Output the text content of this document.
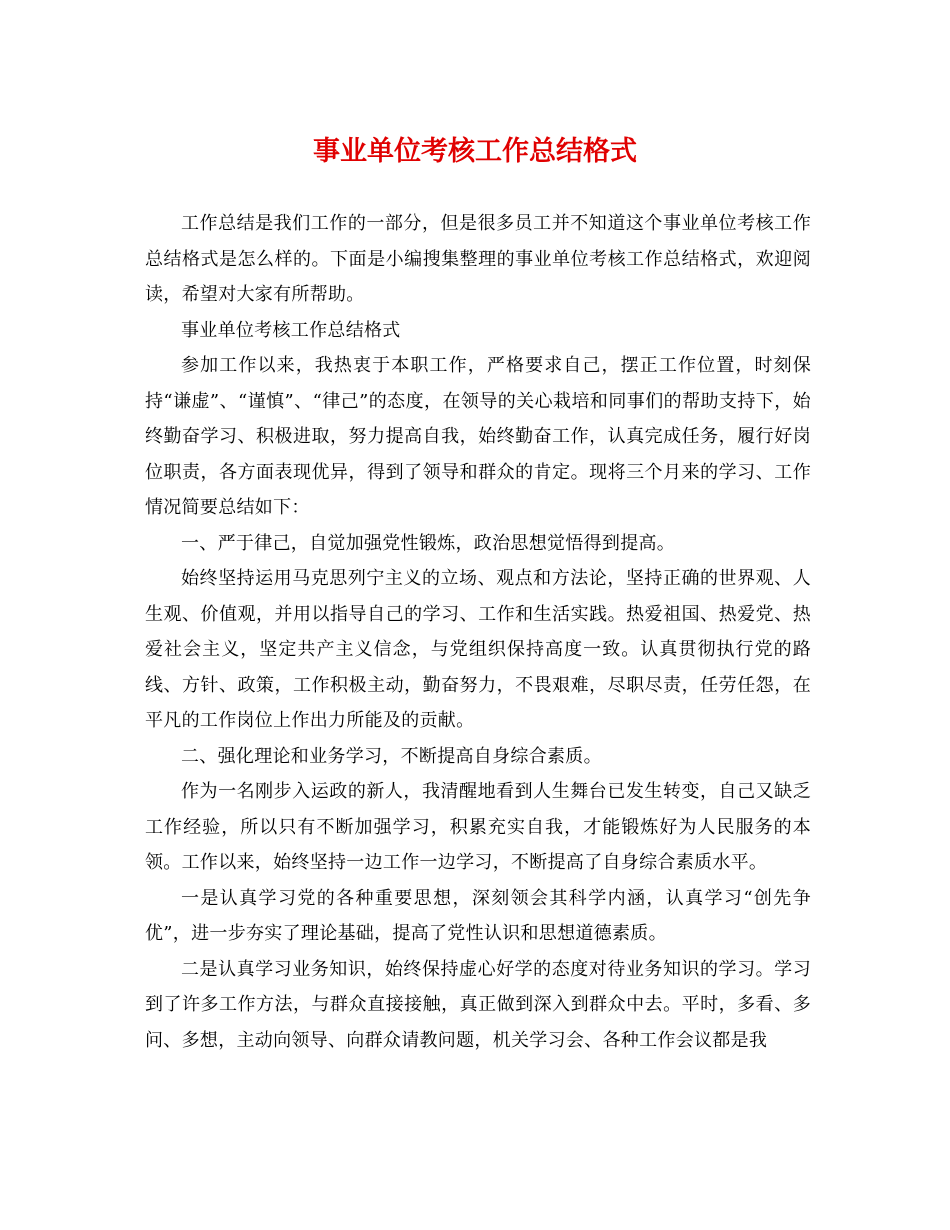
事业单位考核工作总结格式

工作总结是我们工作的一部分，但是很多员工并不知道这个事业单位考核工作总结格式是怎么样的。下面是小编搜集整理的事业单位考核工作总结格式，欢迎阅读，希望对大家有所帮助。

事业单位考核工作总结格式

参加工作以来，我热衷于本职工作，严格要求自己，摆正工作位置，时刻保持“谦虚”、“谨慎”、“律己”的态度，在领导的关心栽培和同事们的帮助支持下，始终勤奋学习、积极进取，努力提高自我，始终勤奋工作，认真完成任务，履行好岗位职责，各方面表现优异，得到了领导和群众的肯定。现将三个月来的学习、工作情况简要总结如下：

一、严于律己，自觉加强党性锻炼，政治思想觉悟得到提高。

始终坚持运用马克思列宁主义的立场、观点和方法论，坚持正确的世界观、人生观、价值观，并用以指导自己的学习、工作和生活实践。热爱祖国、热爱党、热爱社会主义，坚定共产主义信念，与党组织保持高度一致。认真贯彻执行党的路线、方针、政策，工作积极主动，勤奋努力，不畏艰难，尽职尽责，任劳任怨，在平凡的工作岗位上作出力所能及的贡献。

二、强化理论和业务学习，不断提高自身综合素质。

作为一名刚步入运政的新人，我清醒地看到人生舞台已发生转变，自己又缺乏工作经验，所以只有不断加强学习，积累充实自我，才能锻炼好为人民服务的本领。工作以来，始终坚持一边工作一边学习，不断提高了自身综合素质水平。

一是认真学习党的各种重要思想，深刻领会其科学内涵，认真学习“创先争优”，进一步夯实了理论基础，提高了党性认识和思想道德素质。

二是认真学习业务知识，始终保持虚心好学的态度对待业务知识的学习。学习到了许多工作方法，与群众直接接触，真正做到深入到群众中去。平时，多看、多问、多想，主动向领导、向群众请教问题，机关学习会、各种工作会议都是我
